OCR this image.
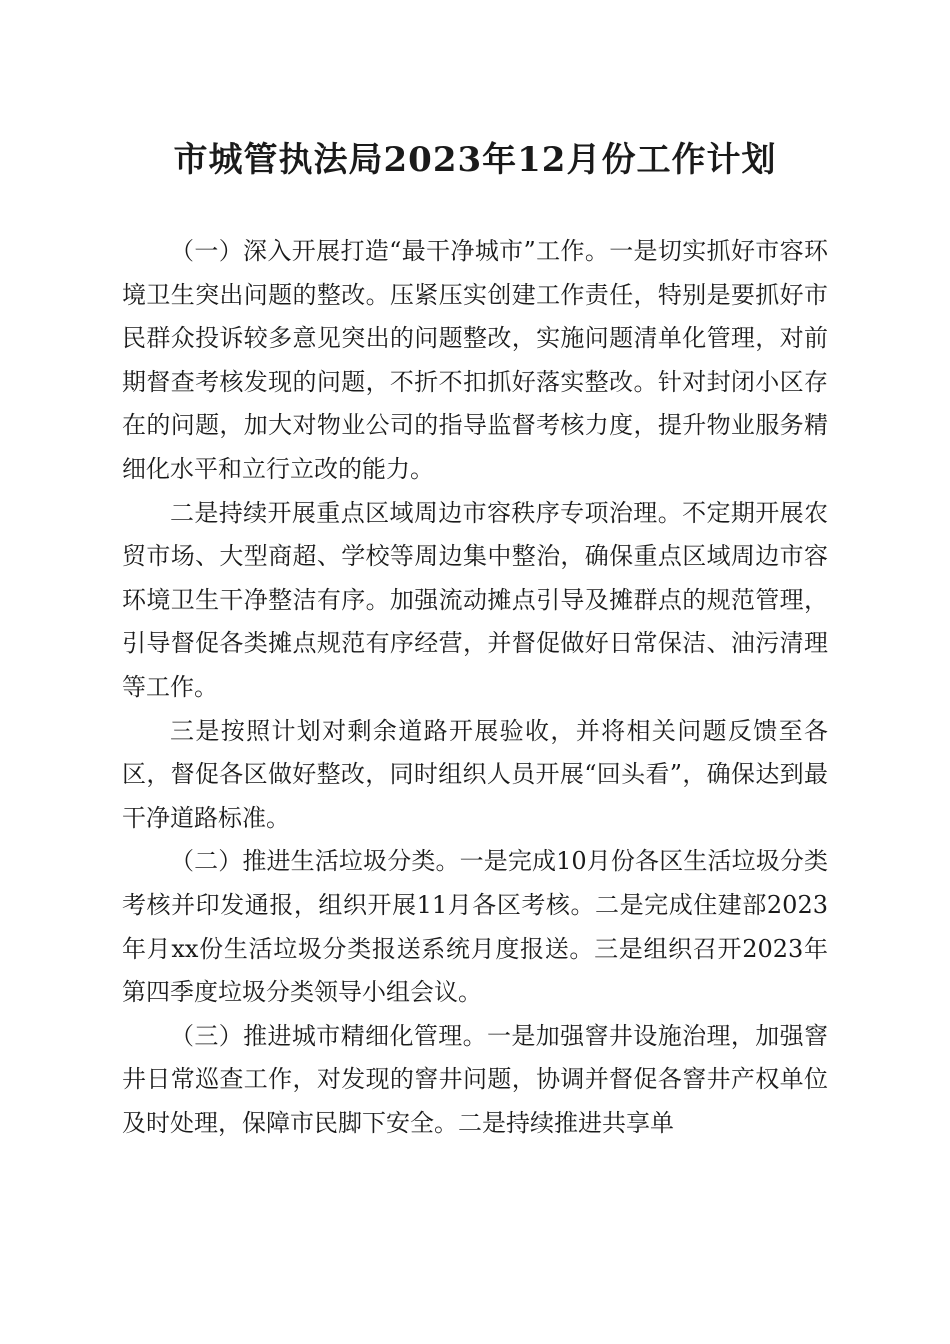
市城管执法局2023年12月份工作计划

（一）深入开展打造“最干净城市”工作。一是切实抓好市容环境卫生突出问题的整改。压紧压实创建工作责任，特别是要抓好市民群众投诉较多意见突出的问题整改，实施问题清单化管理，对前期督查考核发现的问题，不折不扣抓好落实整改。针对封闭小区存在的问题，加大对物业公司的指导监督考核力度，提升物业服务精细化水平和立行立改的能力。

二是持续开展重点区域周边市容秩序专项治理。不定期开展农贸市场、大型商超、学校等周边集中整治，确保重点区域周边市容环境卫生干净整洁有序。加强流动摊点引导及摊群点的规范管理，引导督促各类摊点规范有序经营，并督促做好日常保洁、油污清理等工作。

三是按照计划对剩余道路开展验收，并将相关问题反馈至各区，督促各区做好整改，同时组织人员开展“回头看”，确保达到最干净道路标准。

（二）推进生活垃圾分类。一是完成10月份各区生活垃圾分类考核并印发通报，组织开展11月各区考核。二是完成住建部2023年月xx份生活垃圾分类报送系统月度报送。三是组织召开2023年第四季度垃圾分类领导小组会议。

（三）推进城市精细化管理。一是加强窨井设施治理，加强窨井日常巡查工作，对发现的窨井问题，协调并督促各窨井产权单位及时处理，保障市民脚下安全。二是持续推进共享单
